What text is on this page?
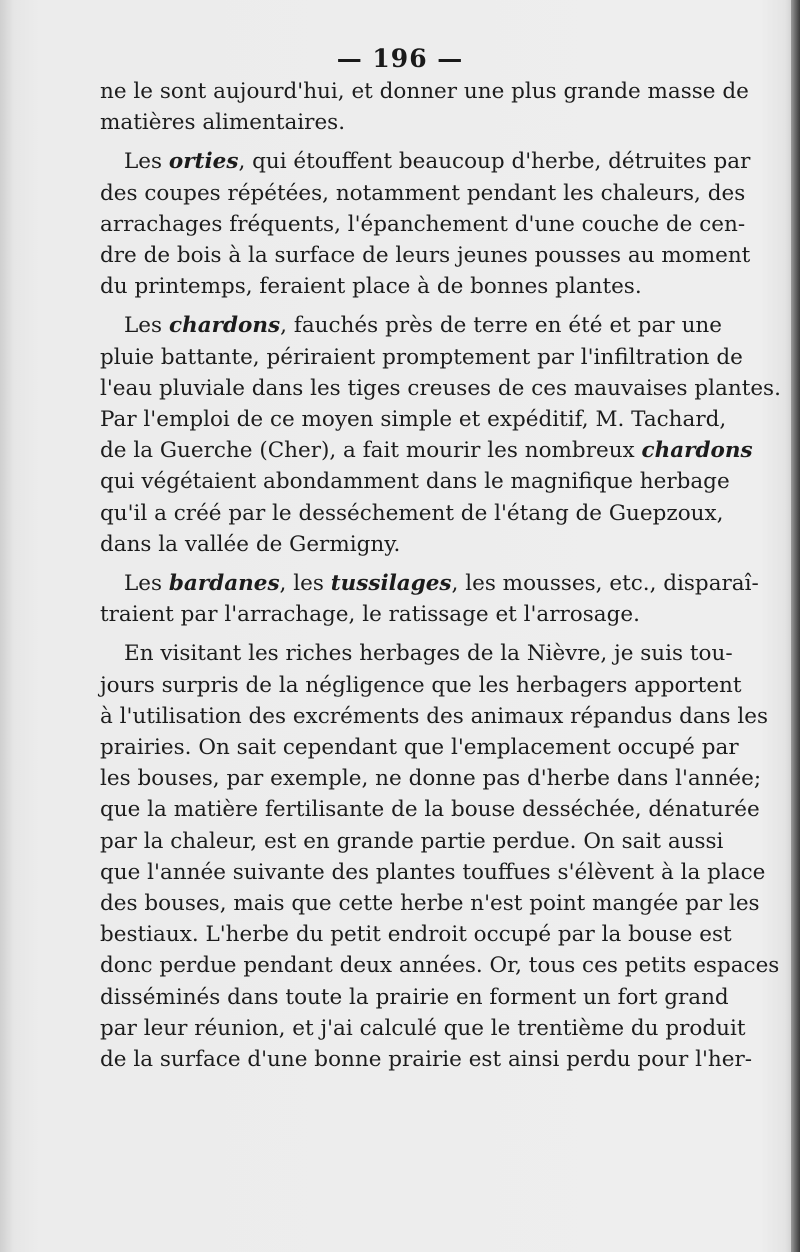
— 196 —

ne le sont aujourd'hui, et donner une plus grande masse de
matières alimentaires.

Les orties, qui étouffent beaucoup d'herbe, détruites par
des coupes répétées, notamment pendant les chaleurs, des
arrachages fréquents, l'épanchement d'une couche de cen-
dre de bois à la surface de leurs jeunes pousses au moment
du printemps, feraient place à de bonnes plantes.

Les chardons, fauchés près de terre en été et par une
pluie battante, périraient promptement par l'infiltration de
l'eau pluviale dans les tiges creuses de ces mauvaises plantes.
Par l'emploi de ce moyen simple et expéditif, M. Tachard,
de la Guerche (Cher), a fait mourir les nombreux chardons
qui végétaient abondamment dans le magnifique herbage
qu'il a créé par le desséchement de l'étang de Guepzoux,
dans la vallée de Germigny.

Les bardanes, les tussilages, les mousses, etc., disparaî-
traient par l'arrachage, le ratissage et l'arrosage.

En visitant les riches herbages de la Nièvre, je suis tou-
jours surpris de la négligence que les herbagers apportent
à l'utilisation des excréments des animaux répandus dans les
prairies. On sait cependant que l'emplacement occupé par
les bouses, par exemple, ne donne pas d'herbe dans l'année;
que la matière fertilisante de la bouse desséchée, dénaturée
par la chaleur, est en grande partie perdue. On sait aussi
que l'année suivante des plantes touffues s'élèvent à la place
des bouses, mais que cette herbe n'est point mangée par les
bestiaux. L'herbe du petit endroit occupé par la bouse est
donc perdue pendant deux années. Or, tous ces petits espaces
disséminés dans toute la prairie en forment un fort grand
par leur réunion, et j'ai calculé que le trentième du produit
de la surface d'une bonne prairie est ainsi perdu pour l'her-
